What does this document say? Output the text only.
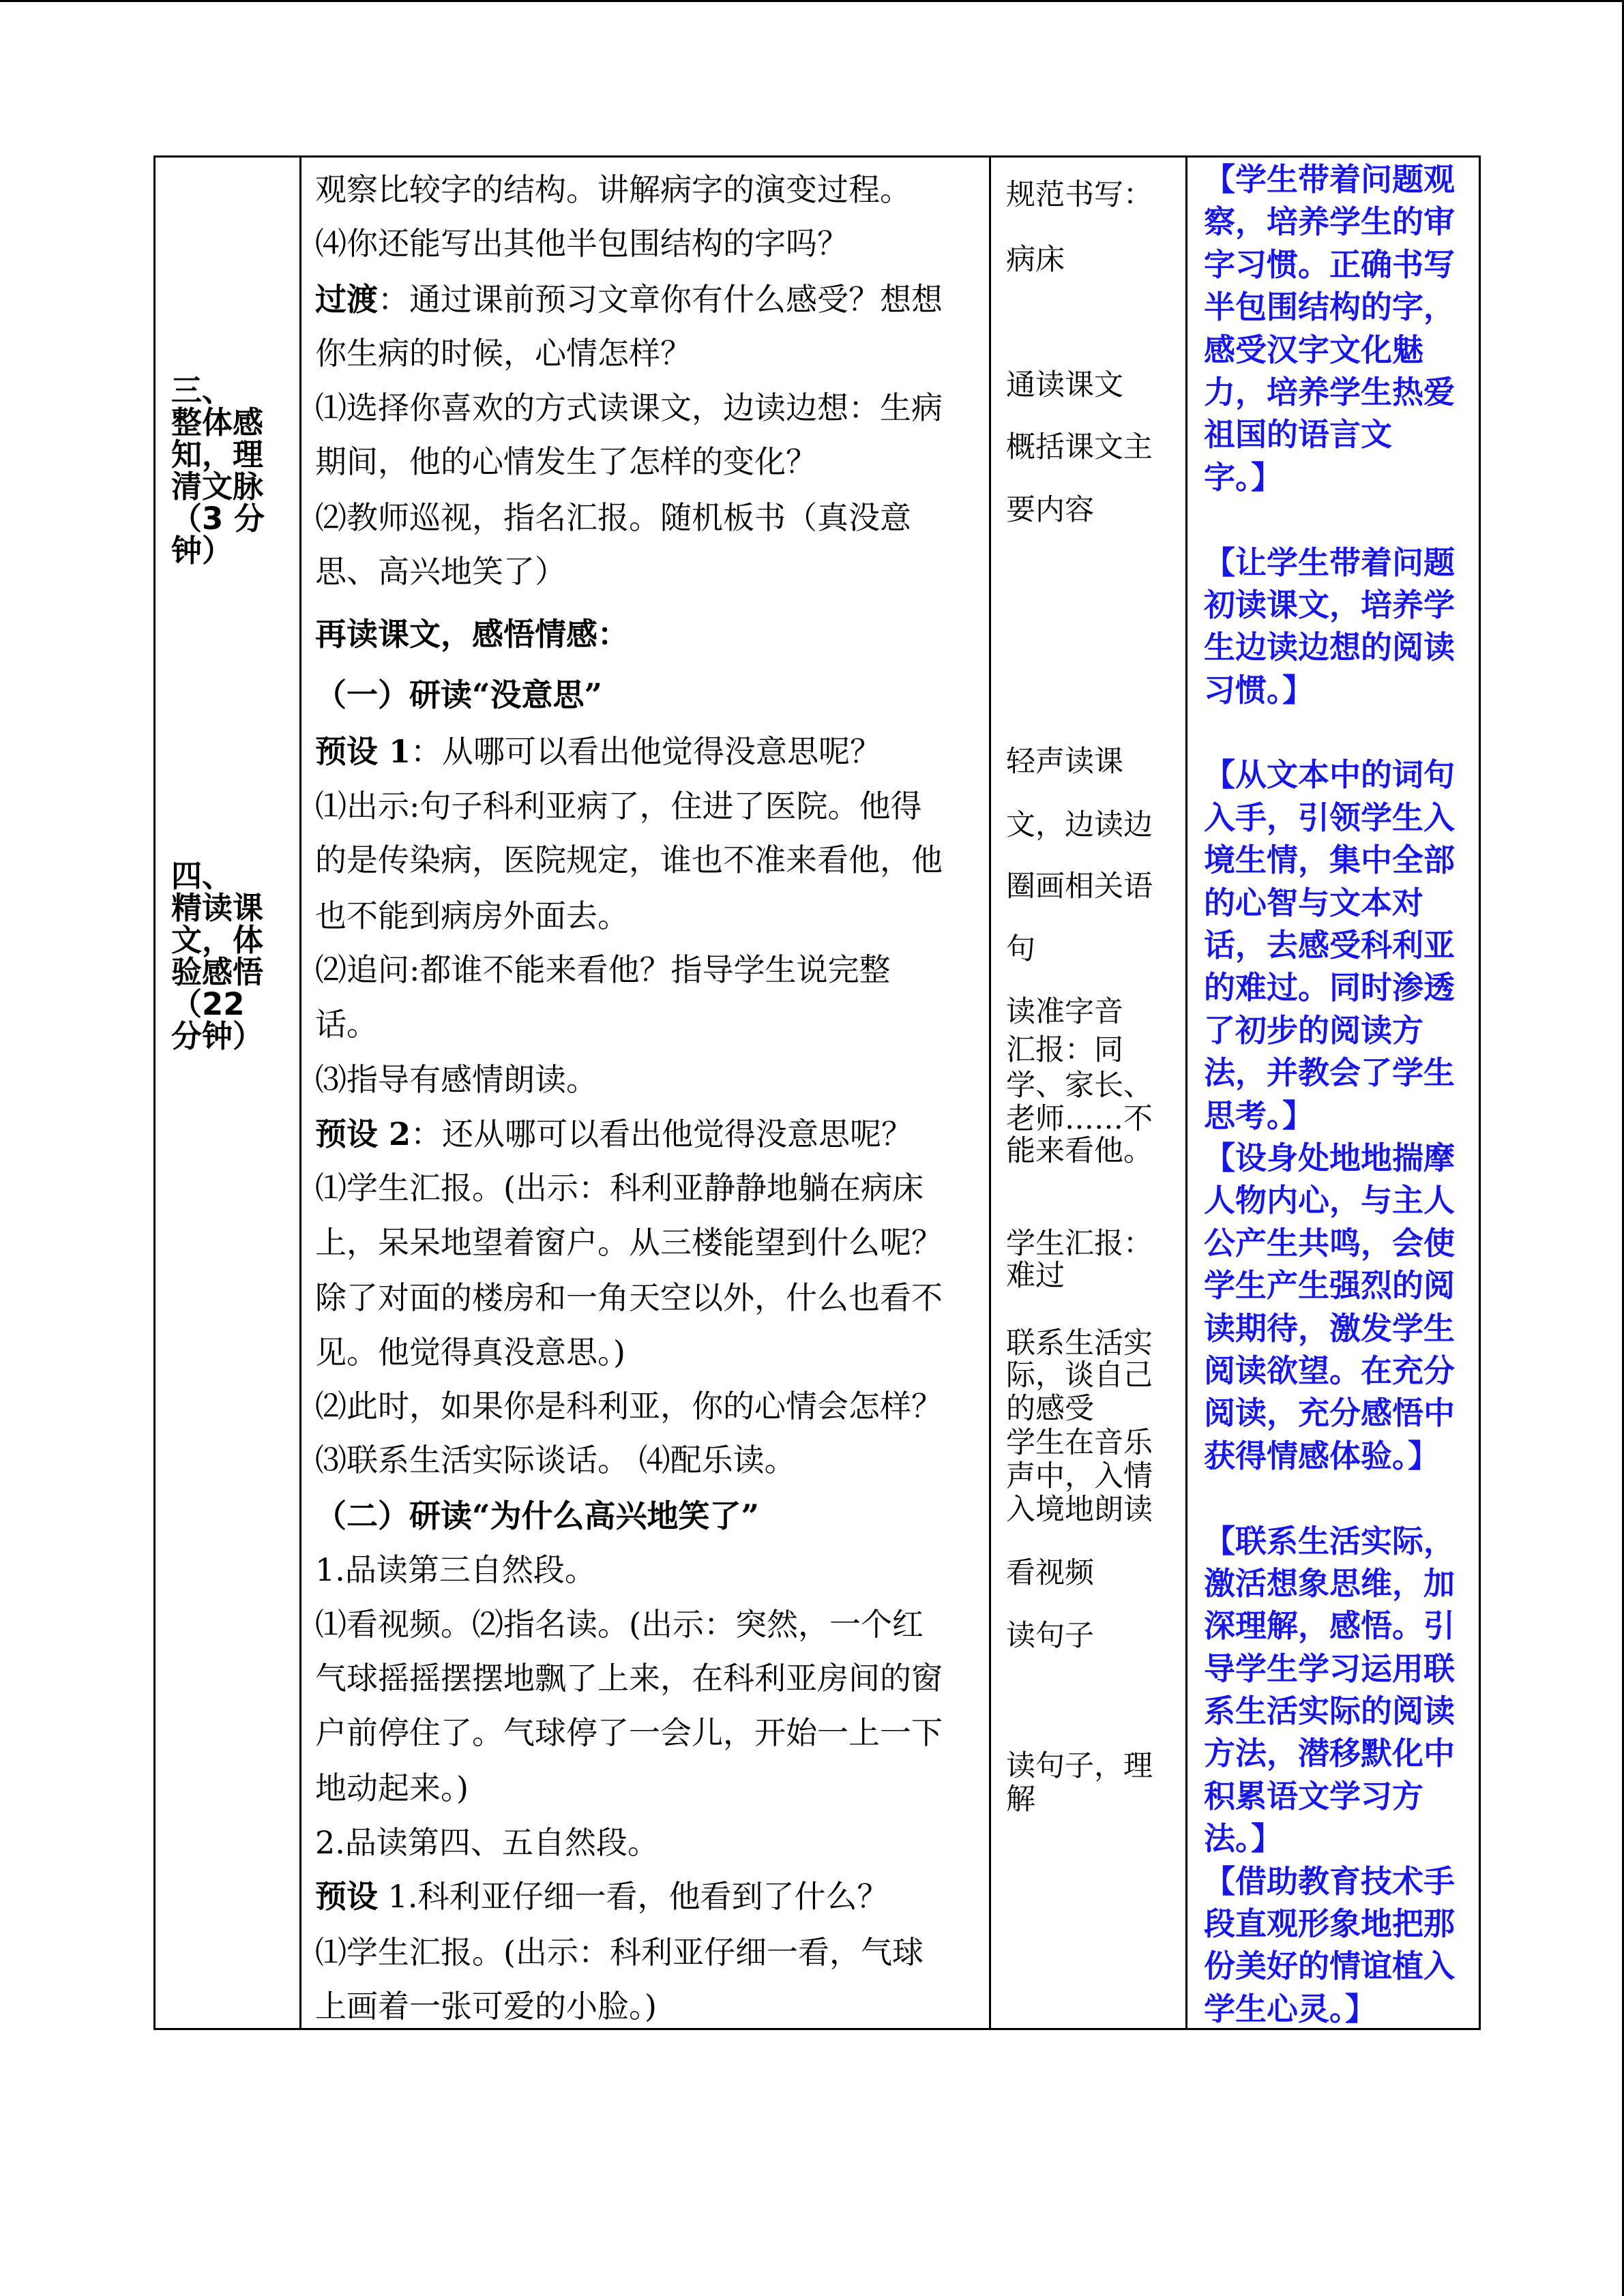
三、
整体感
知，理
清文脉
（3 分
钟）
四、
精读课
文，体
验感悟
（22
分钟）
观察比较字的结构。讲解病字的演变过程。
⑷你还能写出其他半包围结构的字吗？
过渡：通过课前预习文章你有什么感受？想想
你生病的时候，心情怎样？
⑴选择你喜欢的方式读课文，边读边想：生病
期间，他的心情发生了怎样的变化？
⑵教师巡视，指名汇报。随机板书（真没意
思、高兴地笑了）
再读课文，感悟情感：
（一）研读“没意思”
预设 1：从哪可以看出他觉得没意思呢？
⑴出示:句子科利亚病了，住进了医院。他得
的是传染病，医院规定，谁也不准来看他，他
也不能到病房外面去。
⑵追问:都谁不能来看他？指导学生说完整
话。
⑶指导有感情朗读。
预设 2：还从哪可以看出他觉得没意思呢？
⑴学生汇报。(出示：科利亚静静地躺在病床
上，呆呆地望着窗户。从三楼能望到什么呢？
除了对面的楼房和一角天空以外，什么也看不
见。他觉得真没意思。)
⑵此时，如果你是科利亚，你的心情会怎样？
⑶联系生活实际谈话。 ⑷配乐读。
（二）研读“为什么高兴地笑了”
1.品读第三自然段。
⑴看视频。⑵指名读。(出示：突然，一个红
气球摇摇摆摆地飘了上来，在科利亚房间的窗
户前停住了。气球停了一会儿，开始一上一下
地动起来。)
2.品读第四、五自然段。
预设 1.科利亚仔细一看，他看到了什么？
⑴学生汇报。(出示：科利亚仔细一看，气球
上画着一张可爱的小脸。)
规范书写：
病床
通读课文
概括课文主
要内容
轻声读课
文，边读边
圈画相关语
句
读准字音
汇报：同
学、家长、
老师……不
能来看他。
学生汇报：
难过
联系生活实
际，谈自己
的感受
学生在音乐
声中，入情
入境地朗读
看视频
读句子
读句子，理
解
【学生带着问题观
察，培养学生的审
字习惯。正确书写
半包围结构的字，
感受汉字文化魅
力，培养学生热爱
祖国的语言文
字。】
【让学生带着问题
初读课文，培养学
生边读边想的阅读
习惯。】
【从文本中的词句
入手，引领学生入
境生情，集中全部
的心智与文本对
话，去感受科利亚
的难过。同时渗透
了初步的阅读方
法，并教会了学生
思考。】
【设身处地地揣摩
人物内心，与主人
公产生共鸣，会使
学生产生强烈的阅
读期待，激发学生
阅读欲望。在充分
阅读，充分感悟中
获得情感体验。】
【联系生活实际，
激活想象思维，加
深理解，感悟。引
导学生学习运用联
系生活实际的阅读
方法，潜移默化中
积累语文学习方
法。】
【借助教育技术手
段直观形象地把那
份美好的情谊植入
学生心灵。】
